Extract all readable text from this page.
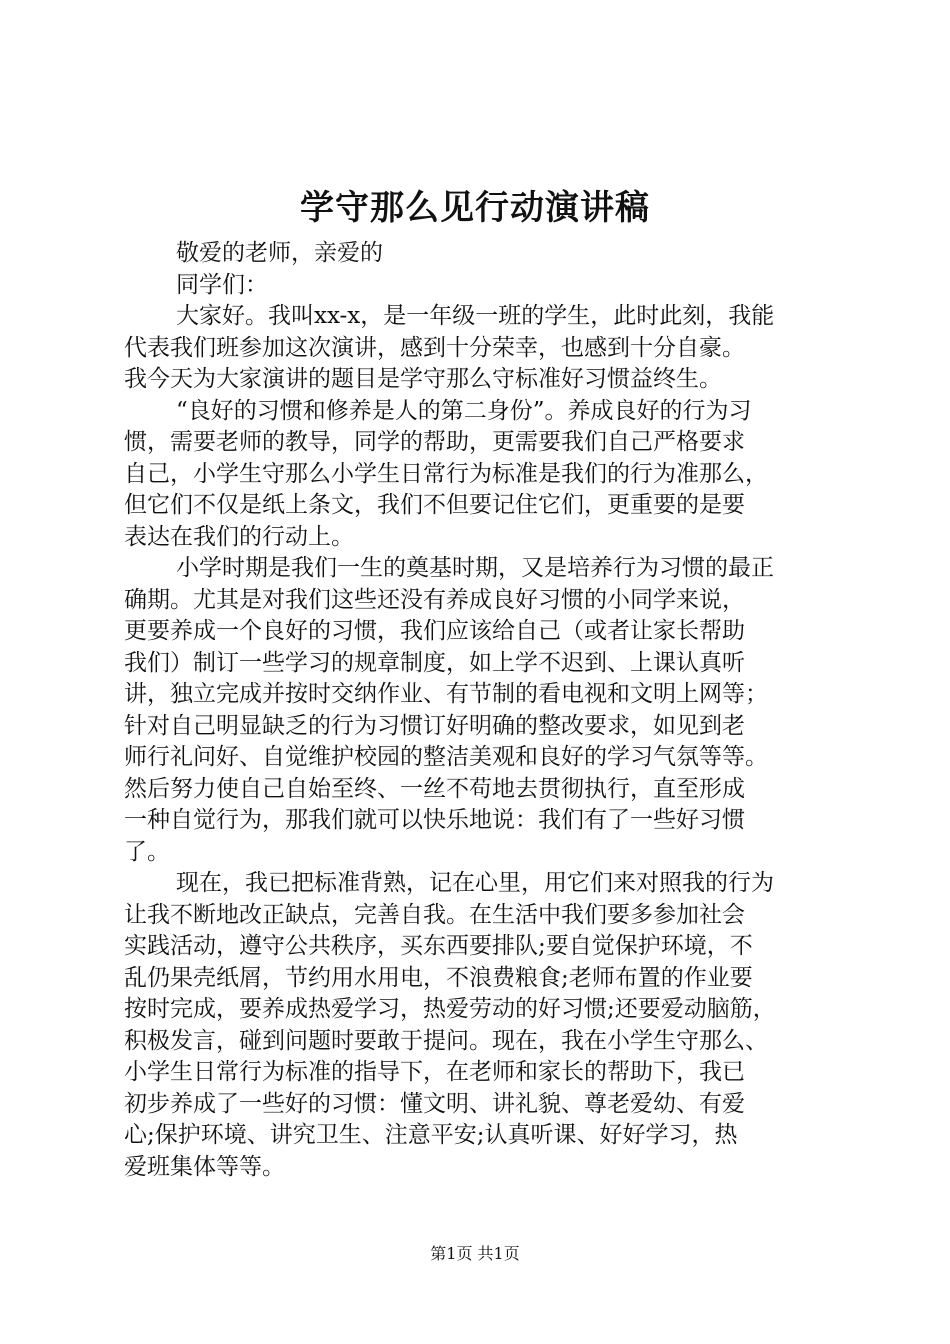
学守那么见行动演讲稿
敬爱的老师，亲爱的
同学们：
大家好。我叫xx-x，是一年级一班的学生，此时此刻，我能
代表我们班参加这次演讲，感到十分荣幸，也感到十分自豪。
我今天为大家演讲的题目是学守那么守标准好习惯益终生。
“良好的习惯和修养是人的第二身份”。养成良好的行为习
惯，需要老师的教导，同学的帮助，更需要我们自己严格要求
自己，小学生守那么小学生日常行为标准是我们的行为准那么，
但它们不仅是纸上条文，我们不但要记住它们，更重要的是要
表达在我们的行动上。
小学时期是我们一生的奠基时期，又是培养行为习惯的最正
确期。尤其是对我们这些还没有养成良好习惯的小同学来说，
更要养成一个良好的习惯，我们应该给自己（或者让家长帮助
我们）制订一些学习的规章制度，如上学不迟到、上课认真听
讲，独立完成并按时交纳作业、有节制的看电视和文明上网等；
针对自己明显缺乏的行为习惯订好明确的整改要求，如见到老
师行礼问好、自觉维护校园的整洁美观和良好的学习气氛等等。
然后努力使自己自始至终、一丝不苟地去贯彻执行，直至形成
一种自觉行为，那我们就可以快乐地说：我们有了一些好习惯
了。
现在，我已把标准背熟，记在心里，用它们来对照我的行为
让我不断地改正缺点，完善自我。在生活中我们要多参加社会
实践活动，遵守公共秩序，买东西要排队;要自觉保护环境，不
乱仍果壳纸屑，节约用水用电，不浪费粮食;老师布置的作业要
按时完成，要养成热爱学习，热爱劳动的好习惯;还要爱动脑筋，
积极发言，碰到问题时要敢于提问。现在，我在小学生守那么、
小学生日常行为标准的指导下，在老师和家长的帮助下，我已
初步养成了一些好的习惯：懂文明、讲礼貌、尊老爱幼、有爱
心;保护环境、讲究卫生、注意平安;认真听课、好好学习，热
爱班集体等等。
第1页 共1页
